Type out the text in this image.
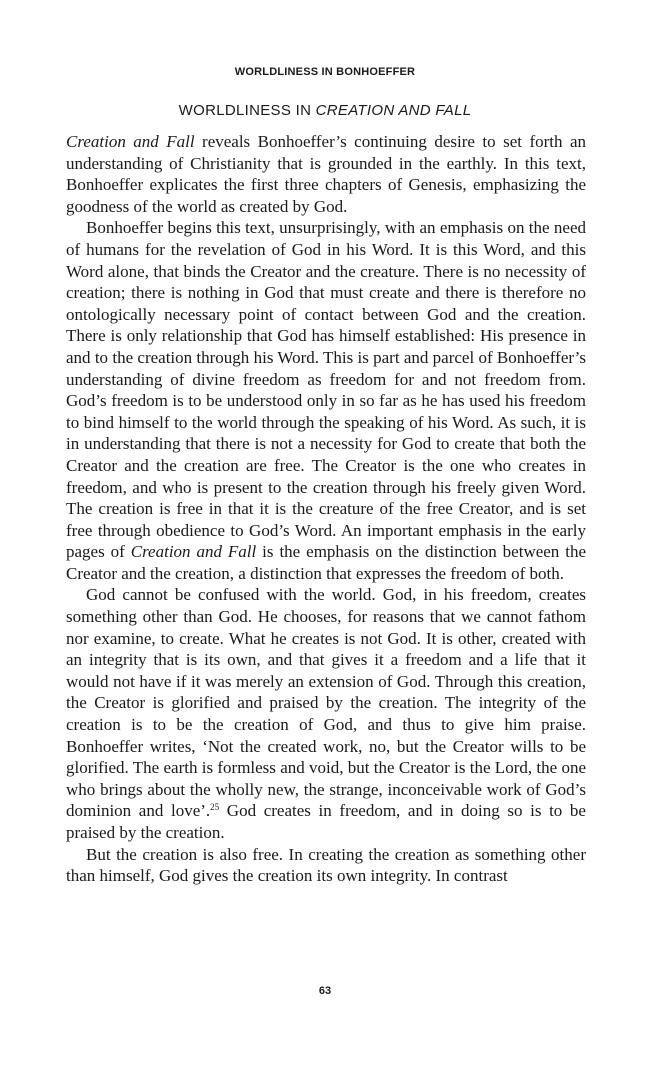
WORLDLINESS IN BONHOEFFER
WORLDLINESS IN CREATION AND FALL

Creation and Fall reveals Bonhoeffer’s continuing desire to set forth an understanding of Christianity that is grounded in the earthly. In this text, Bonhoeffer explicates the first three chapters of Genesis, emphasizing the goodness of the world as created by God.

Bonhoeffer begins this text, unsurprisingly, with an emphasis on the need of humans for the revelation of God in his Word. It is this Word, and this Word alone, that binds the Creator and the creature. There is no necessity of creation; there is nothing in God that must create and there is therefore no ontologically necessary point of contact between God and the creation. There is only relationship that God has himself established: His presence in and to the creation through his Word. This is part and parcel of Bonhoeffer’s understanding of divine freedom as freedom for and not freedom from. God’s freedom is to be understood only in so far as he has used his freedom to bind himself to the world through the speaking of his Word. As such, it is in understanding that there is not a necessity for God to create that both the Creator and the creation are free. The Creator is the one who creates in freedom, and who is present to the creation through his freely given Word. The creation is free in that it is the creature of the free Creator, and is set free through obedience to God’s Word. An important emphasis in the early pages of Creation and Fall is the emphasis on the distinction between the Creator and the creation, a distinction that expresses the freedom of both.

God cannot be confused with the world. God, in his freedom, creates something other than God. He chooses, for reasons that we cannot fathom nor examine, to create. What he creates is not God. It is other, created with an integrity that is its own, and that gives it a freedom and a life that it would not have if it was merely an extension of God. Through this creation, the Creator is glorified and praised by the creation. The integrity of the creation is to be the creation of God, and thus to give him praise. Bonhoeffer writes, ‘Not the created work, no, but the Creator wills to be glorified. The earth is formless and void, but the Creator is the Lord, the one who brings about the wholly new, the strange, inconceivable work of God’s dominion and love’.$^{25}$ God creates in freedom, and in doing so is to be praised by the creation.

But the creation is also free. In creating the creation as something other than himself, God gives the creation its own integrity. In contrast

63
